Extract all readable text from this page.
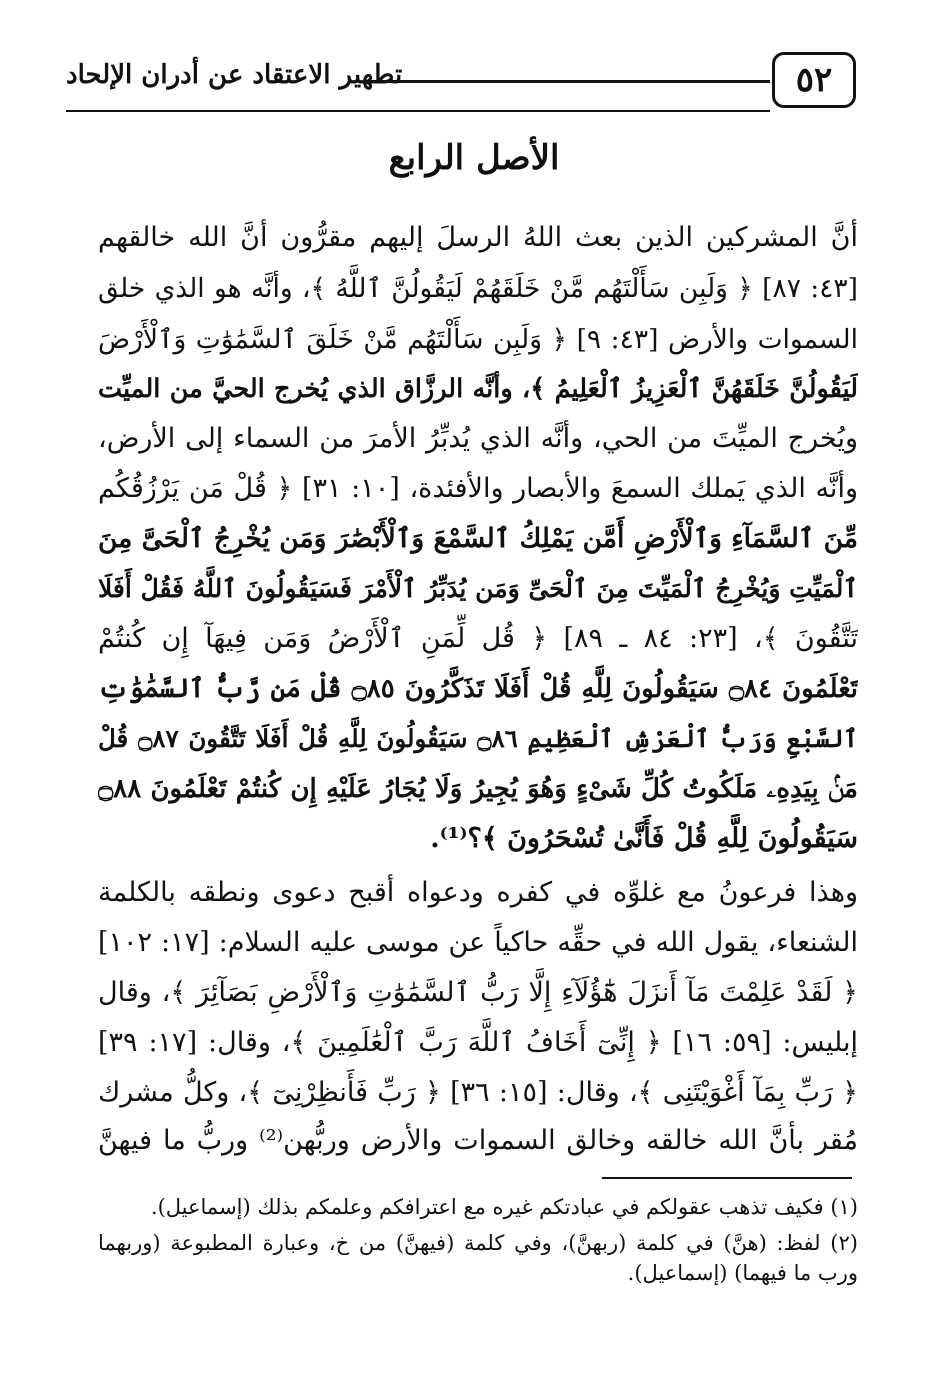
تطهير الاعتقاد عن أدران الإلحاد	٥٢
الأصل الرابع
أنَّ المشركين الذين بعث اللهُ الرسلَ إليهم مقرُّون أنَّ الله خالقهم
[٤٣: ٨٧] ﴿ وَلَبِن سَأَلْتَهُم مَّنْ خَلَقَهُمْ لَيَقُولُنَّ ٱللَّهُ ﴾، وأنَّه هو الذي خلق
السموات والأرض [٤٣: ٩] ﴿ وَلَبِن سَأَلْتَهُم مَّنْ خَلَقَ ٱلسَّمَٰوَٰتِ وَٱلْأَرْضَ
لَيَقُولُنَّ خَلَقَهُنَّ ٱلْعَزِيزُ ٱلْعَلِيمُ ﴾، وأنَّه الرزَّاق الذي يُخرج الحيَّ من الميِّت
ويُخرج الميِّتَ من الحي، وأنَّه الذي يُدبِّرُ الأمرَ من السماء إلى الأرض،
وأنَّه الذي يَملك السمعَ والأبصار والأفئدة، [١٠: ٣١] ﴿ قُلْ مَن يَرْزُقُكُم
مِّنَ ٱلسَّمَآءِ وَٱلْأَرْضِ أَمَّن يَمْلِكُ ٱلسَّمْعَ وَٱلْأَبْصَٰرَ وَمَن يُخْرِجُ ٱلْحَىَّ مِنَ
ٱلْمَيِّتِ وَيُخْرِجُ ٱلْمَيِّتَ مِنَ ٱلْحَىِّ وَمَن يُدَبِّرُ ٱلْأَمْرَ فَسَيَقُولُونَ ٱللَّهُ فَقُلْ أَفَلَا
تَتَّقُونَ ﴾، [٢٣: ٨٤ ـ ٨٩] ﴿ قُل لِّمَنِ ٱلْأَرْضُ وَمَن فِيهَآ إِن كُنتُمْ
تَعْلَمُونَ ۝٨٤ سَيَقُولُونَ لِلَّهِ قُلْ أَفَلَا تَذَكَّرُونَ ۝٨٥ قُلْ مَن رَّبُّ ٱلسَّمَٰوَٰتِ
ٱلسَّبْعِ وَرَبُّ ٱلْعَرْشِ ٱلْعَظِيمِ ۝٨٦ سَيَقُولُونَ لِلَّهِ قُلْ أَفَلَا تَتَّقُونَ ۝٨٧ قُلْ
مَنۢ بِيَدِهِۦ مَلَكُوتُ كُلِّ شَىْءٍ وَهُوَ يُجِيرُ وَلَا يُجَارُ عَلَيْهِ إِن كُنتُمْ تَعْلَمُونَ ۝٨٨
سَيَقُولُونَ لِلَّهِ قُلْ فَأَنَّىٰ تُسْحَرُونَ ﴾؟⁽¹⁾.
وهذا فرعونُ مع غلوِّه في كفره ودعواه أقبح دعوى ونطقه بالكلمة
الشنعاء، يقول الله في حقِّه حاكياً عن موسى عليه السلام: [١٧: ١٠٢]
﴿ لَقَدْ عَلِمْتَ مَآ أَنزَلَ هَٰٓؤُلَآءِ إِلَّا رَبُّ ٱلسَّمَٰوَٰتِ وَٱلْأَرْضِ بَصَآئِرَ ﴾، وقال
إبليس: [٥٩: ١٦] ﴿ إِنِّىٓ أَخَافُ ٱللَّهَ رَبَّ ٱلْعَٰلَمِينَ ﴾، وقال: [١٧: ٣٩]
﴿ رَبِّ بِمَآ أَغْوَيْتَنِى ﴾، وقال: [١٥: ٣٦] ﴿ رَبِّ فَأَنظِرْنِىٓ ﴾، وكلُّ مشرك
مُقر بأنَّ الله خالقه وخالق السموات والأرض وربُّهن⁽²⁾ وربُّ ما فيهنَّ
(١) فكيف تذهب عقولكم في عبادتكم غيره مع اعترافكم وعلمكم بذلك (إسماعيل).
(٢) لفظ: (هنَّ) في كلمة (ربهنَّ)، وفي كلمة (فيهنَّ) من خ، وعبارة المطبوعة (وربهما ورب ما فيهما) (إسماعيل).
